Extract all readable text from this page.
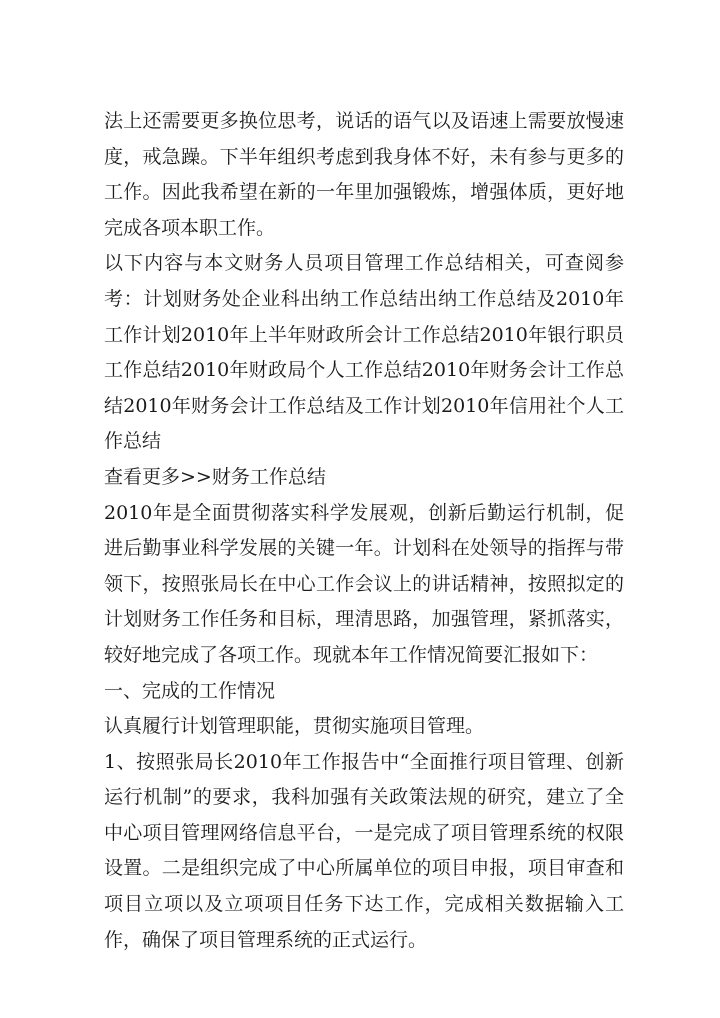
法上还需要更多换位思考，说话的语气以及语速上需要放慢速度，戒急躁。下半年组织考虑到我身体不好，未有参与更多的工作。因此我希望在新的一年里加强锻炼，增强体质，更好地完成各项本职工作。

以下内容与本文财务人员项目管理工作总结相关，可查阅参考：计划财务处企业科出纳工作总结出纳工作总结及2010年工作计划2010年上半年财政所会计工作总结2010年银行职员工作总结2010年财政局个人工作总结2010年财务会计工作总结2010年财务会计工作总结及工作计划2010年信用社个人工作总结

查看更多>>财务工作总结

2010年是全面贯彻落实科学发展观，创新后勤运行机制，促进后勤事业科学发展的关键一年。计划科在处领导的指挥与带领下，按照张局长在中心工作会议上的讲话精神，按照拟定的计划财务工作任务和目标，理清思路，加强管理，紧抓落实，较好地完成了各项工作。现就本年工作情况简要汇报如下：

一、完成的工作情况

认真履行计划管理职能，贯彻实施项目管理。

1、按照张局长2010年工作报告中“全面推行项目管理、创新运行机制”的要求，我科加强有关政策法规的研究，建立了全中心项目管理网络信息平台，一是完成了项目管理系统的权限设置。二是组织完成了中心所属单位的项目申报，项目审查和项目立项以及立项项目任务下达工作，完成相关数据输入工作，确保了项目管理系统的正式运行。
